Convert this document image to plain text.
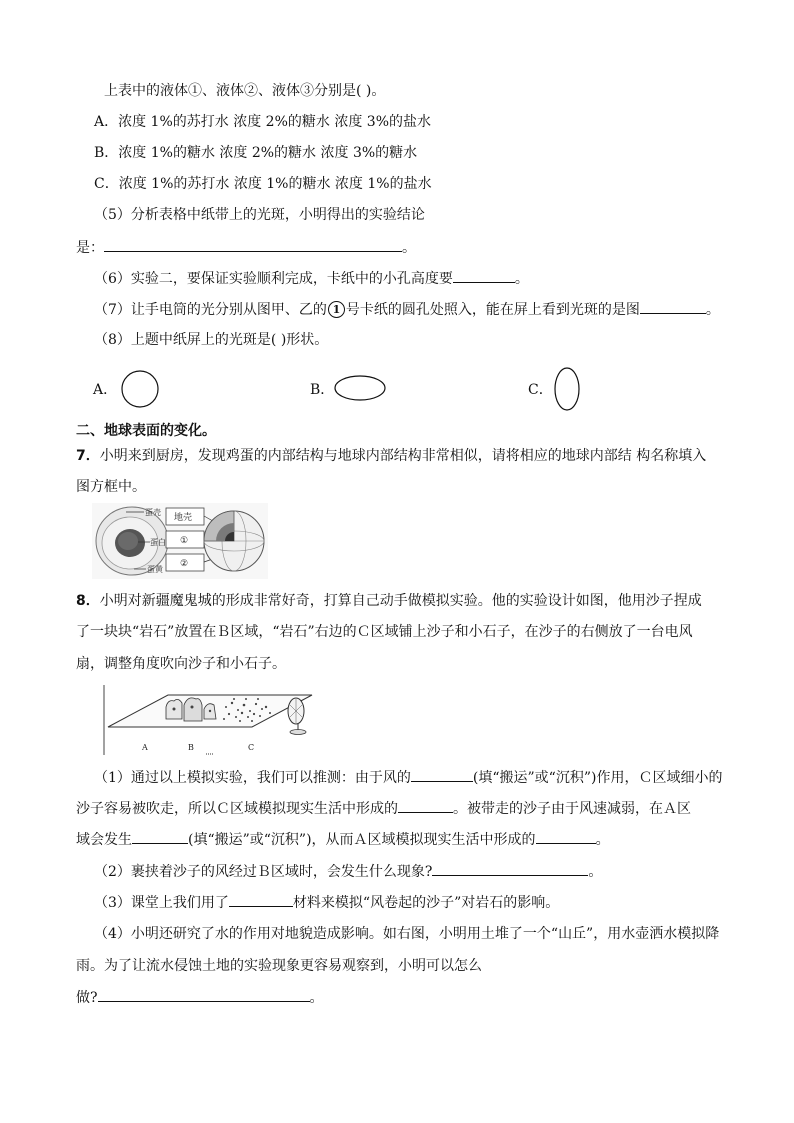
上表中的液体①、液体②、液体③分别是( )。
A．浓度 1%的苏打水 浓度 2%的糖水 浓度 3%的盐水
B．浓度 1%的糖水 浓度 2%的糖水 浓度 3%的糖水
C．浓度 1%的苏打水 浓度 1%的糖水 浓度 1%的盐水
（5）分析表格中纸带上的光斑，小明得出的实验结论
是：	。
（6）实验二，要保证实验顺利完成，卡纸中的小孔高度要	。
（7）让手电筒的光分别从图甲、乙的 1 号卡纸的圆孔处照入，能在屏上看到光斑的是图	。
（8）上题中纸屏上的光斑是( )形状。
A．	B．	C．
二、地球表面的变化。
7．小明来到厨房，发现鸡蛋的内部结构与地球内部结构非常相似，请将相应的地球内部结 构名称填入
图方框中。
蛋壳
蛋白
蛋黄
地壳
①
②
8．小明对新疆魔鬼城的形成非常好奇，打算自己动手做模拟实验。他的实验设计如图，他用沙子捏成
了一块块“岩石”放置在Ｂ区域，“岩石”右边的Ｃ区域铺上沙子和小石子，在沙子的右侧放了一台电风
扇，调整角度吹向沙子和小石子。
A	B	C
（1）通过以上模拟实验，我们可以推测：由于风的	(填“搬运”或“沉积”)作用，Ｃ区域细小的
沙子容易被吹走，所以Ｃ区域模拟现实生活中形成的	。被带走的沙子由于风速减弱，在Ａ区
域会发生	(填“搬运”或“沉积”)，从而Ａ区域模拟现实生活中形成的	。
（2）裹挟着沙子的风经过Ｂ区域时，会发生什么现象?	。
（3）课堂上我们用了	材料来模拟“风卷起的沙子”对岩石的影响。
（4）小明还研究了水的作用对地貌造成影响。如右图，小明用土堆了一个“山丘”，用水壶洒水模拟降
雨。为了让流水侵蚀土地的实验现象更容易观察到，小明可以怎么
做?	。
